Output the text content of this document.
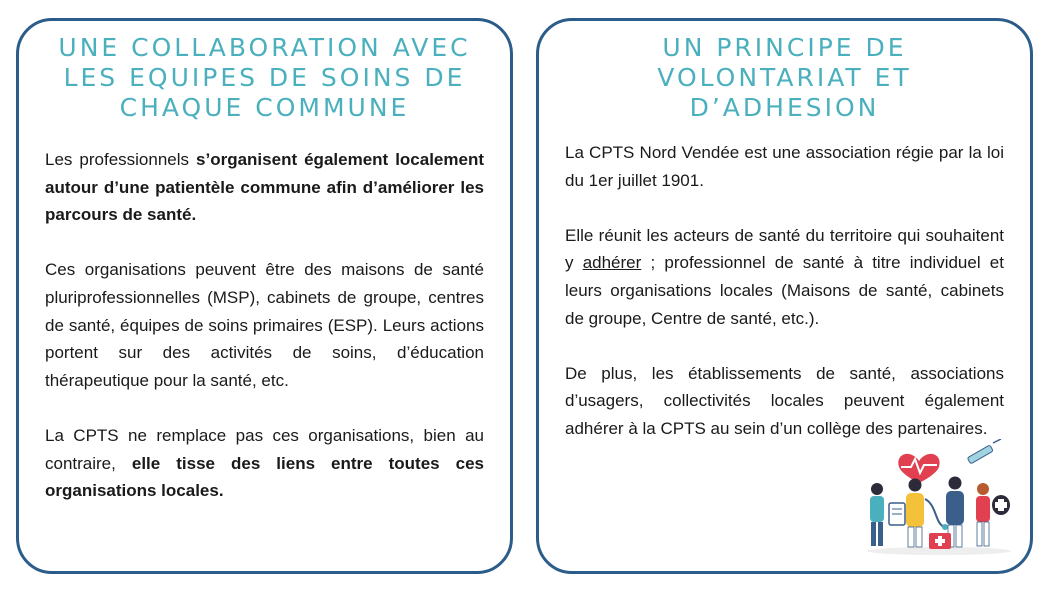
UNE COLLABORATION AVEC LES EQUIPES DE SOINS DE CHAQUE COMMUNE

Les professionnels s’organisent également localement autour d’une patientèle commune afin d’améliorer les parcours de santé.

Ces organisations peuvent être des maisons de santé pluriprofessionnelles (MSP), cabinets de groupe, centres de santé, équipes de soins primaires (ESP). Leurs actions portent sur des activités de soins, d’éducation thérapeutique pour la santé, etc.

La CPTS ne remplace pas ces organisations, bien au contraire, elle tisse des liens entre toutes ces organisations locales.

UN PRINCIPE DE VOLONTARIAT ET D’ADHESION

La CPTS Nord Vendée est une association régie par la loi du 1er juillet 1901.

Elle réunit les acteurs de santé du territoire qui souhaitent y adhérer ; professionnel de santé à titre individuel et leurs organisations locales (Maisons de santé, cabinets de groupe, Centre de santé, etc.).

De plus, les établissements de santé, associations d’usagers, collectivités locales peuvent également adhérer à la CPTS au sein d’un collège des partenaires.
